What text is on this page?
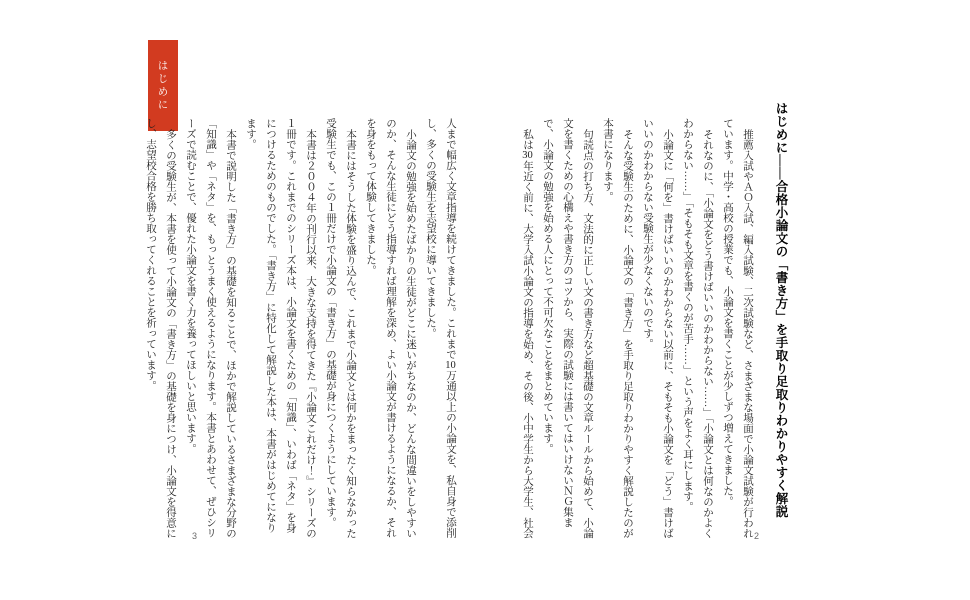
はじめに
はじめに——合格小論文の「書き方」を手取り足取りわかりやすく解説

推薦入試やＡＯ入試、編入試験、二次試験など、さまざまな場面で小論文試験が行われています。中学・高校の授業でも、小論文を書くことが少しずつ増えてきました。

それなのに、「小論文をどう書けばいいのかわからない……」「小論文とは何なのかよくわからない……」「そもそも文章を書くのが苦手……」という声をよく耳にします。

小論文に「何を」書けばいいのかわからない以前に、そもそも小論文を「どう」書けばいいのかわからない受験生が少なくないのです。

そんな受験生のために、小論文の「書き方」を手取り足取りわかりやすく解説したのが本書になります。

句読点の打ち方、文法的に正しい文の書き方など超基礎の文章ルールから始めて、小論文を書くための心構えや書き方のコツから、実際の試験には書いてはいけないＮＧ集まで、小論文の勉強を始める人にとって不可欠なことをまとめています。

私は30年近く前に、大学入試小論文の指導を始め、その後、小中学生から大学生、社会

人まで幅広く文章指導を続けてきました。これまで10万通以上の小論文を、私自身で添削し、多くの受験生を志望校に導いてきました。

小論文の勉強を始めたばかりの生徒がどこに迷いがちなのか、どんな間違いをしやすいのか、そんな生徒にどう指導すれば理解を深め、よい小論文が書けるようになるか、それを身をもって体験してきました。

本書にはそうした体験を盛り込んで、これまで小論文とは何かをまったく知らなかった受験生でも、この１冊だけで小論文の「書き方」の基礎が身につくようにしています。

本書は２００４年の刊行以来、大きな支持を得てきた『小論文これだけ！』シリーズの１冊です。これまでのシリーズ本は、小論文を書くための「知識」、いわば「ネタ」を身につけるためのものでした。「書き方」に特化して解説した本は、本書がはじめてになります。

本書で説明した「書き方」の基礎を知ることで、ほかで解説しているさまざまな分野の「知識」や「ネタ」を、もっとうまく使えるようになります。本書とあわせて、ぜひシリーズで読むことで、優れた小論文を書く力を養ってほしいと思います。

多くの受験生が、本書を使って小論文の「書き方」の基礎を身につけ、小論文を得意にし、志望校合格を勝ち取ってくれることを祈っています。

2
3
